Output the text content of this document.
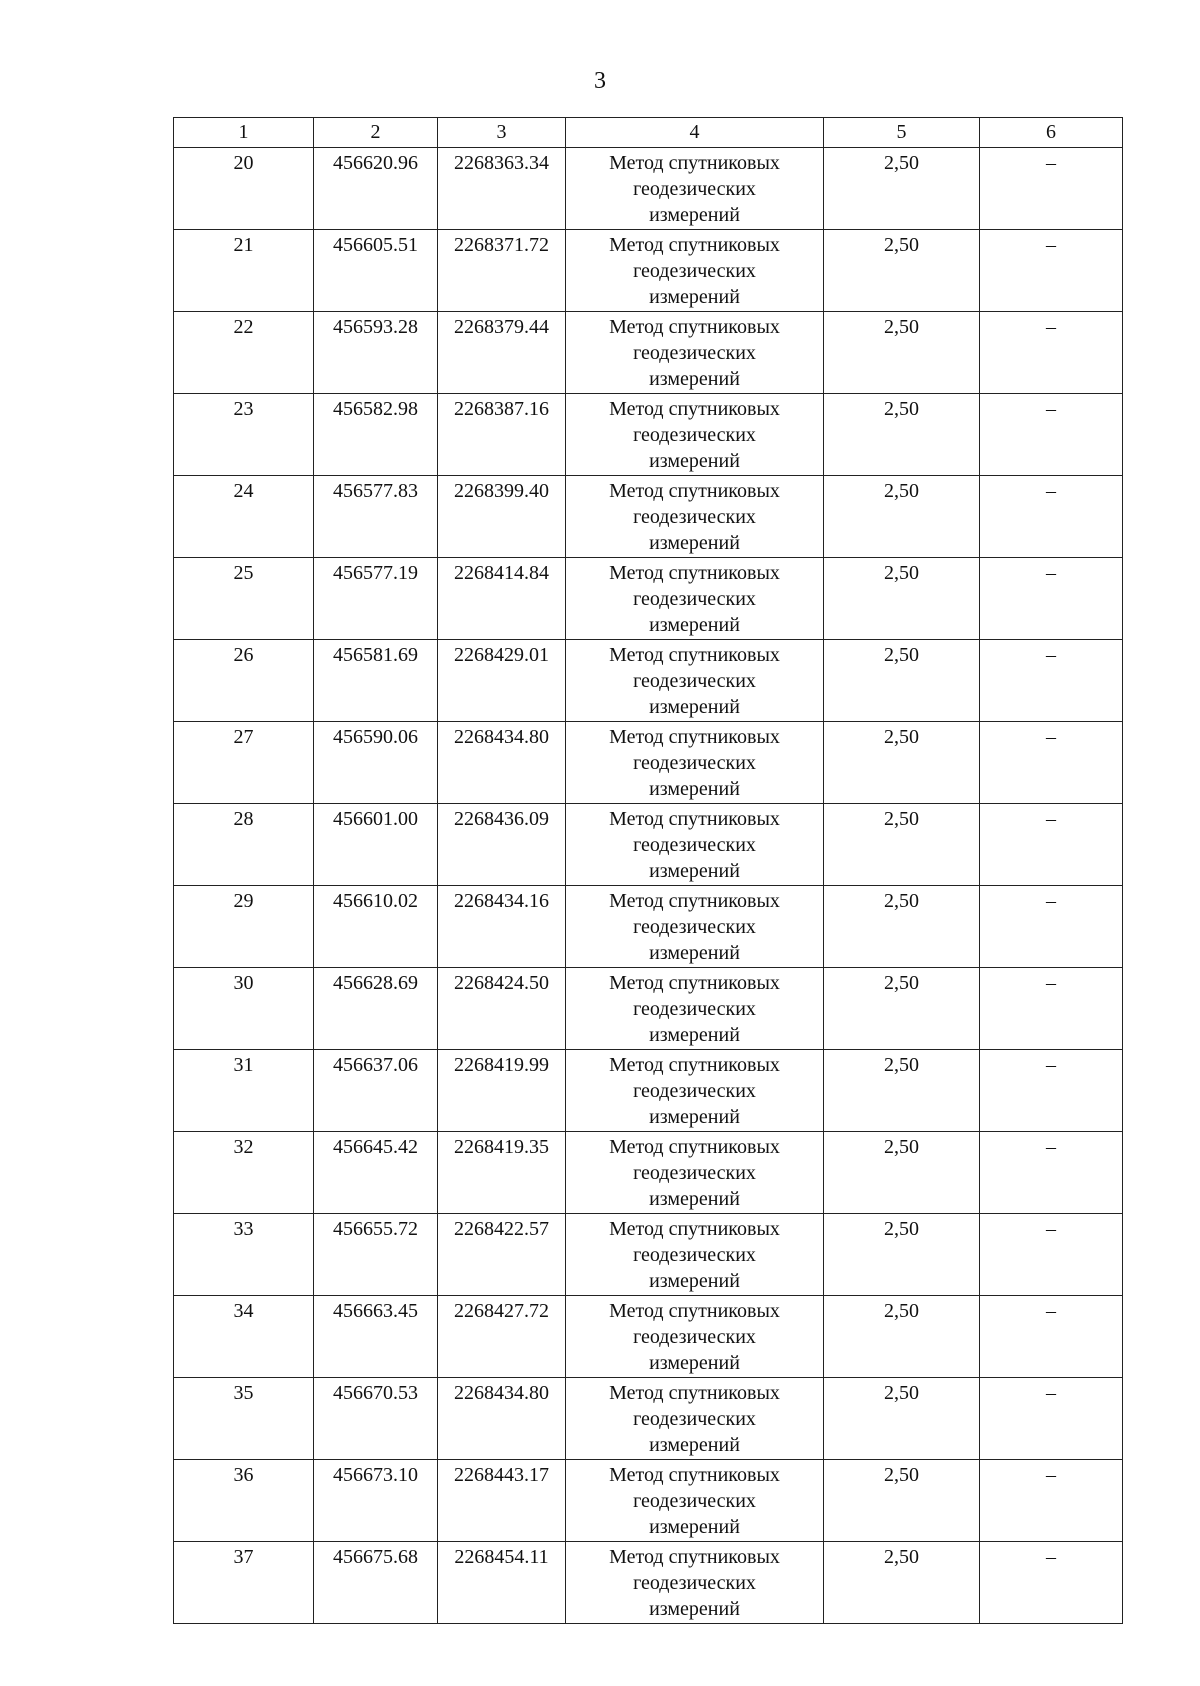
3
1	2	3	4	5	6
20	456620.96	2268363.34	Метод спутниковых
геодезических
измерений	2,50	–
21	456605.51	2268371.72	Метод спутниковых
геодезических
измерений	2,50	–
22	456593.28	2268379.44	Метод спутниковых
геодезических
измерений	2,50	–
23	456582.98	2268387.16	Метод спутниковых
геодезических
измерений	2,50	–
24	456577.83	2268399.40	Метод спутниковых
геодезических
измерений	2,50	–
25	456577.19	2268414.84	Метод спутниковых
геодезических
измерений	2,50	–
26	456581.69	2268429.01	Метод спутниковых
геодезических
измерений	2,50	–
27	456590.06	2268434.80	Метод спутниковых
геодезических
измерений	2,50	–
28	456601.00	2268436.09	Метод спутниковых
геодезических
измерений	2,50	–
29	456610.02	2268434.16	Метод спутниковых
геодезических
измерений	2,50	–
30	456628.69	2268424.50	Метод спутниковых
геодезических
измерений	2,50	–
31	456637.06	2268419.99	Метод спутниковых
геодезических
измерений	2,50	–
32	456645.42	2268419.35	Метод спутниковых
геодезических
измерений	2,50	–
33	456655.72	2268422.57	Метод спутниковых
геодезических
измерений	2,50	–
34	456663.45	2268427.72	Метод спутниковых
геодезических
измерений	2,50	–
35	456670.53	2268434.80	Метод спутниковых
геодезических
измерений	2,50	–
36	456673.10	2268443.17	Метод спутниковых
геодезических
измерений	2,50	–
37	456675.68	2268454.11	Метод спутниковых
геодезических
измерений	2,50	–
